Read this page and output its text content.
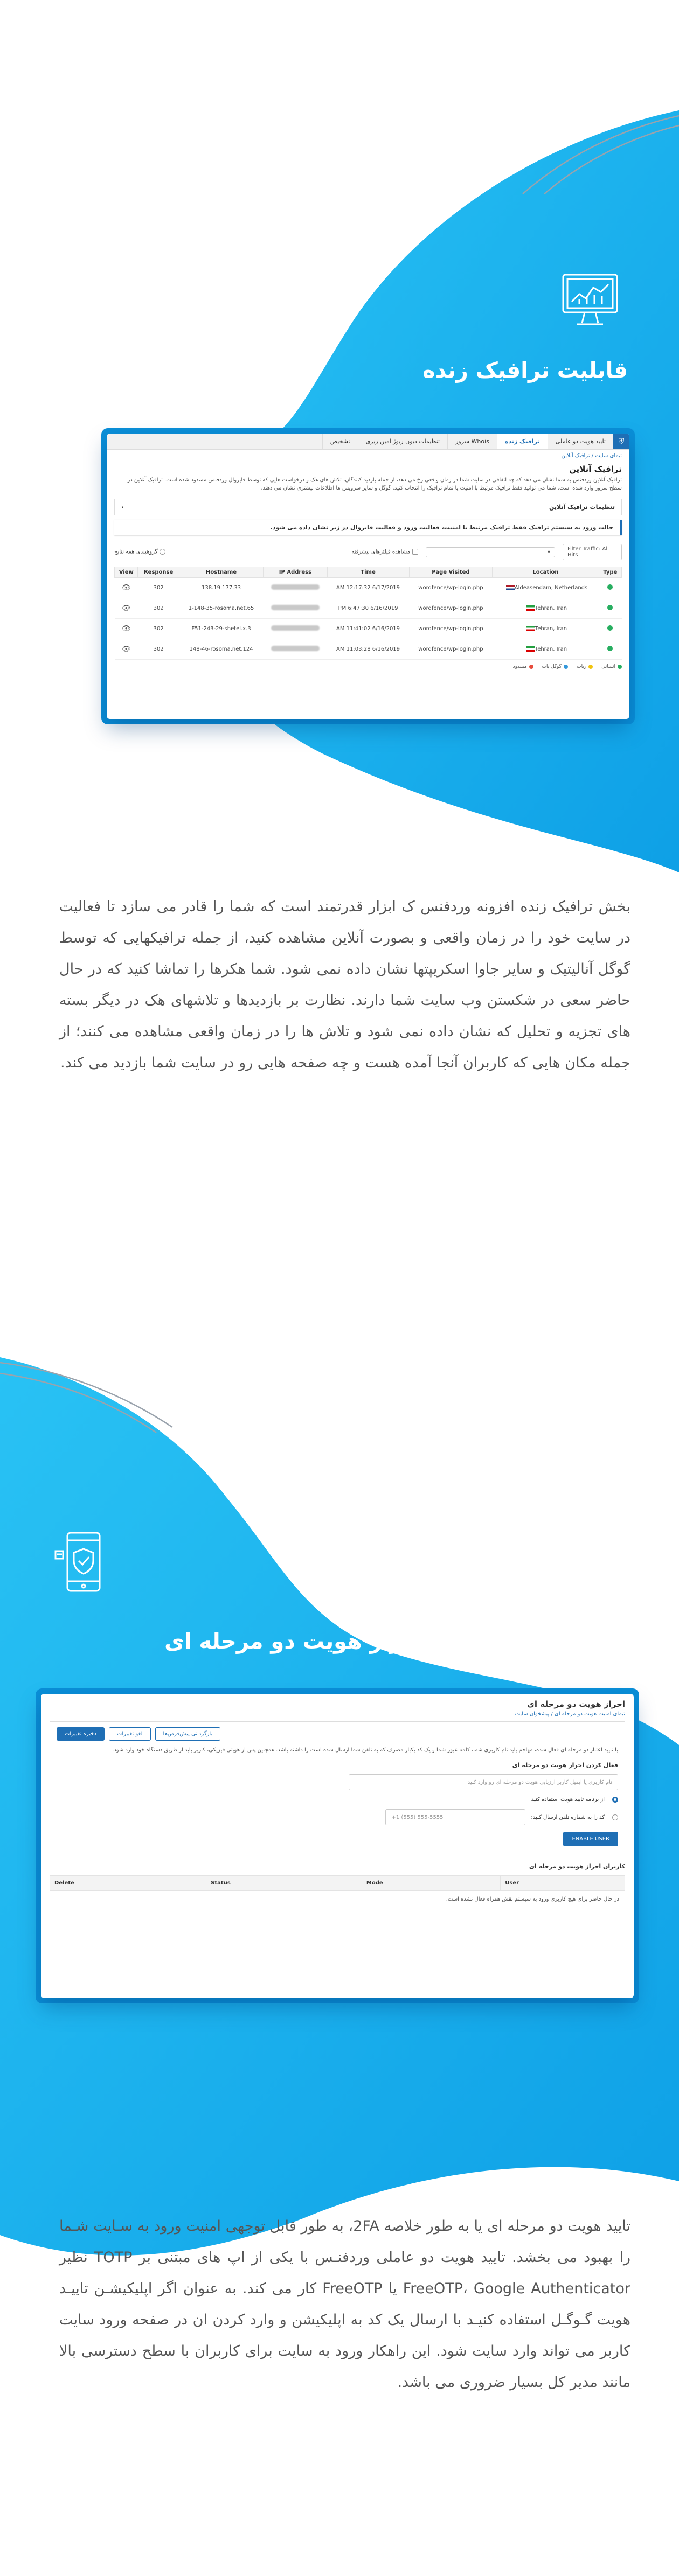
قابلیت ترافیک زنده
⛨
تایید هویت دو عاملی
ترافیک زنده
سرور Whois
تنظیمات دیون ریوژ امین ریزی
تشخیص
تیمای سایت / ترافیک آنلاین
ترافیک آنلاین
ترافیک آنلاین وردفنس به شما نشان می دهد که چه اتفاقی در سایت شما در زمان واقعی رخ می دهد، از جمله بازدید کنندگان، تلاش های هک و درخواست هایی که توسط فایروال وردفنس مسدود شده است. ترافیک آنلاین در سطح سرور وارد شده است. شما می توانید فقط ترافیک مرتبط با امنیت یا تمام ترافیک را انتخاب کنید. گوگل و سایر سرویس ها اطلاعات بیشتری نشان می دهند.
تنظیمات ترافیک آنلاین
‹
حالت ورود به سیستم ترافیک فقط ترافیک مرتبط با امنیت، فعالیت ورود و فعالیت فایروال در زیر نشان داده می شود.
Filter Traffic: All Hits
▾
مشاهده فیلترهای پیشرفته
گروهبندی همه نتایج
View	Response	Hostname	IP Address	Time	Page Visited	Location	Type
👁	302	138.19.177.33		AM 12:17:32 6/17/2019	wordfence/wp-login.php	Aldeasendam, Netherlands	
👁	302	1-148-35-rosoma.net.65		PM 6:47:30 6/16/2019	wordfence/wp-login.php	Tehran, Iran	
👁	302	F51-243-29-shetel.x.3		AM 11:41:02 6/16/2019	wordfence/wp-login.php	Tehran, Iran	
👁	302	148-46-rosoma.net.124		AM 11:03:28 6/16/2019	wordfence/wp-login.php	Tehran, Iran	
انسانی
ربات
گوگل بات
مسدود
بخش ترافیک زنده افزونه وردفنس ک ابزار قدرتمند است که شما را قادر می سازد تا فعالیت در سایت خود را در زمان واقعی و بصورت آنلاین مشاهده کنید، از جمله ترافیکهایی که توسط گوگل آنالیتیک و سایر جاوا اسکریپتها نشان داده نمی شود. شما هکرها را تماشا کنید که در حال حاضر سعی در شکستن وب سایت شما دارند. نظارت بر بازدیدها و تلاشهای هک در دیگر بسته های تجزیه و تحلیل که نشان داده نمی شود و تلاش ها را در زمان واقعی مشاهده می کنند؛ از جمله مکان هایی که کاربران آنجا آمده هست و چه صفحه هایی رو در سایت شما بازدید می کند.
احراز هویت دو مرحله ای
احراز هویت دو مرحله ای
تیمای امنیت هویت دو مرحله ای / پیشخوان سایت
ذخیره تغییرات	لغو تغییرات	بازگردانی پیش‌فرض‌ها
با تایید اعتبار دو مرحله ای فعال شده، مهاجم باید نام کاربری شما، کلمه عبور شما و یک کد یکبار مصرف که به تلفن شما ارسال شده است را داشته باشد. همچنین پس از هویتی فیزیکی، کاربر باید از طریق دستگاه خود وارد شود.
فعال کردن احراز هویت دو مرحله ای
نام کاربری یا ایمیل کاربر ارزیابی هویت دو مرحله ای رو وارد کنید
از برنامه تایید هویت استفاده کنید
کد را به شماره تلفن ارسال کنید:
+1 (555) 555-5555
ENABLE USER
کاربران احراز هویت دو مرحله ای
Delete	Status	Mode	User
در حال حاضر برای هیچ کاربری ورود به سیستم نقش همراه فعال نشده است.
تایید هویت دو مرحله ای یا به طور خلاصه 2FA، به طور قابل توجهی امنیت ورود به سـایت شـما را بهبود می بخشد. تایید هویت دو عاملی وردفنـس با یکی از اپ های مبتنی بر TOTP نظیر FreeOTP، Google Authenticator یا FreeOTP کار می کند. به عنوان اگر اپلیکیشـن تاییـد هویت گـوگـل استفاده کنیـد با ارسال یک کد به اپلیکیشن و وارد کردن ان در صفحه ورود سایت کاربر می تواند وارد سایت شود. این راهکار ورود به سایت برای کاربران با سطح دسترسی بالا مانند مدیر کل بسیار ضروری می باشد.
